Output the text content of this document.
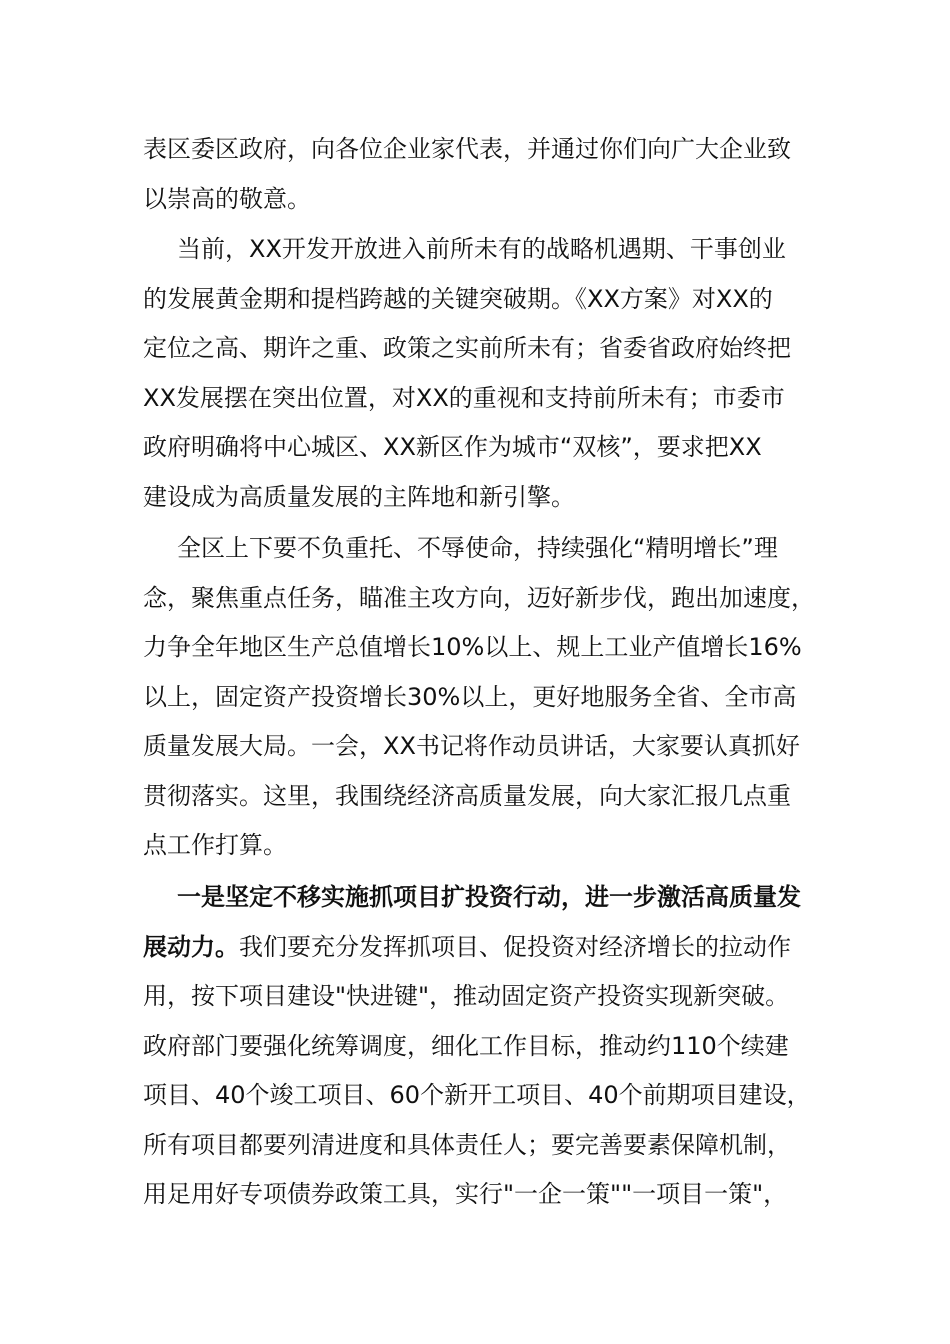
表区委区政府，向各位企业家代表，并通过你们向广大企业致
以崇高的敬意。
当前，XX开发开放进入前所未有的战略机遇期、干事创业
的发展黄金期和提档跨越的关键突破期。《XX方案》对XX的
定位之高、期许之重、政策之实前所未有；省委省政府始终把
XX发展摆在突出位置，对XX的重视和支持前所未有；市委市
政府明确将中心城区、XX新区作为城市“双核”，要求把XX
建设成为高质量发展的主阵地和新引擎。
全区上下要不负重托、不辱使命，持续强化“精明增长”理
念，聚焦重点任务，瞄准主攻方向，迈好新步伐，跑出加速度，
力争全年地区生产总值增长10%以上、规上工业产值增长16%
以上，固定资产投资增长30%以上，更好地服务全省、全市高
质量发展大局。一会，XX书记将作动员讲话，大家要认真抓好
贯彻落实。这里，我围绕经济高质量发展，向大家汇报几点重
点工作打算。
一是坚定不移实施抓项目扩投资行动，进一步激活高质量发
展动力。我们要充分发挥抓项目、促投资对经济增长的拉动作
用，按下项目建设"快进键"，推动固定资产投资实现新突破。
政府部门要强化统筹调度，细化工作目标，推动约110个续建
项目、40个竣工项目、60个新开工项目、40个前期项目建设，
所有项目都要列清进度和具体责任人；要完善要素保障机制，
用足用好专项债券政策工具，实行"一企一策""一项目一策"，
